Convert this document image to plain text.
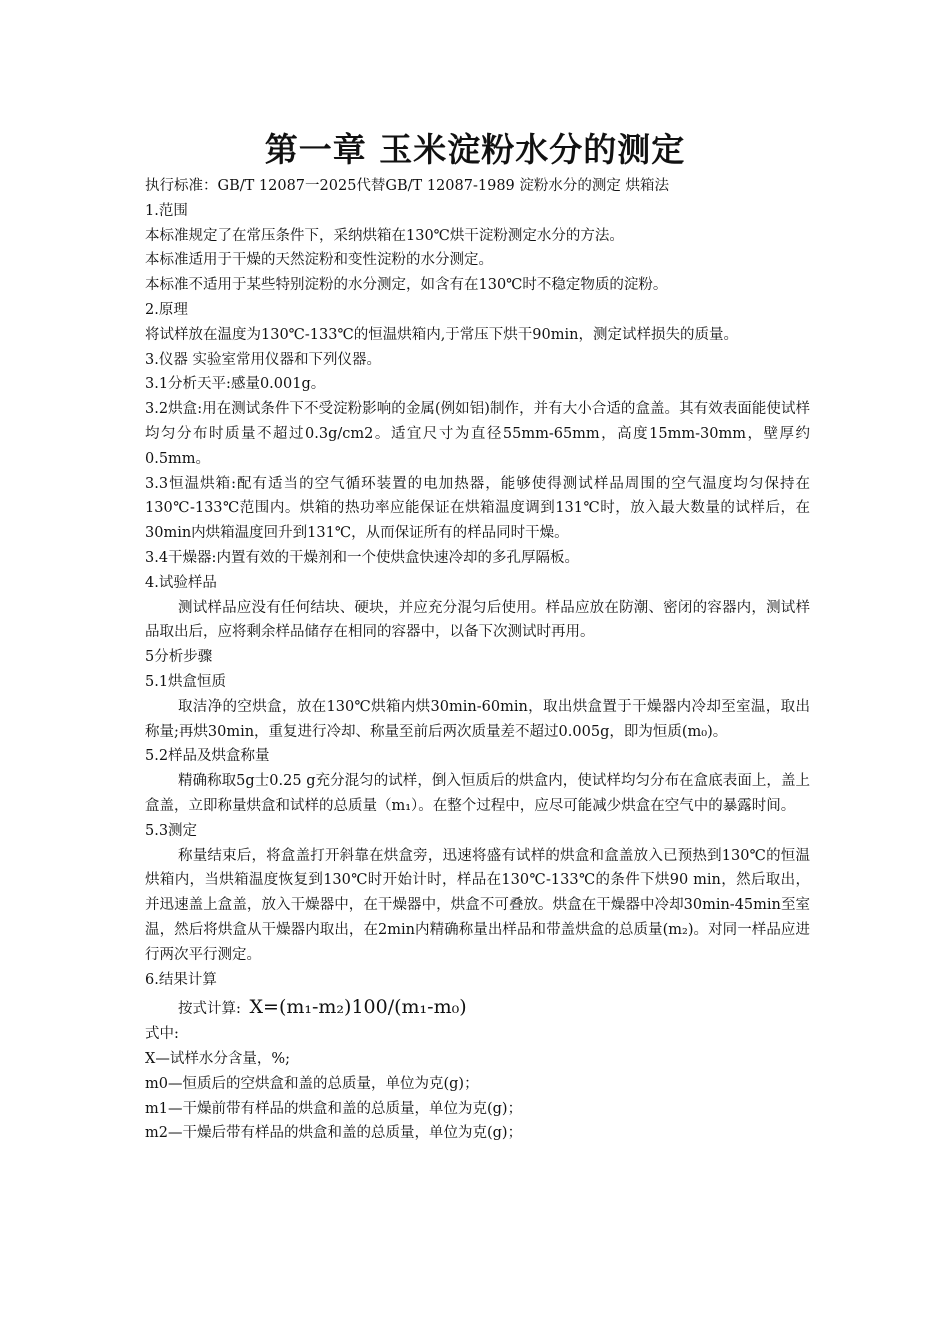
第一章 玉米淀粉水分的测定
执行标准：GB/T 12087一2025代替GB/T 12087-1989 淀粉水分的测定 烘箱法
1.范围
本标准规定了在常压条件下，采纳烘箱在130℃烘干淀粉测定水分的方法。
本标准适用于干燥的天然淀粉和变性淀粉的水分测定。
本标准不适用于某些特别淀粉的水分测定，如含有在130℃时不稳定物质的淀粉。
2.原理
将试样放在温度为130℃-133℃的恒温烘箱内,于常压下烘干90min，测定试样损失的质量。
3.仪器 实验室常用仪器和下列仪器。
3.1分析天平:感量0.001g。
3.2烘盒:用在测试条件下不受淀粉影响的金属(例如铝)制作，并有大小合适的盒盖。其有效表面能使试样均匀分布时质量不超过0.3g/cm2。适宜尺寸为直径55mm-65mm，高度15mm-30mm，壁厚约0.5mm。
3.3恒温烘箱:配有适当的空气循环装置的电加热器，能够使得测试样品周围的空气温度均匀保持在130℃-133℃范围内。烘箱的热功率应能保证在烘箱温度调到131℃时，放入最大数量的试样后，在30min内烘箱温度回升到131℃，从而保证所有的样品同时干燥。
3.4干燥器:内置有效的干燥剂和一个使烘盒快速冷却的多孔厚隔板。
4.试验样品
测试样品应没有任何结块、硬块，并应充分混匀后使用。样品应放在防潮、密闭的容器内，测试样品取出后，应将剩余样品储存在相同的容器中，以备下次测试时再用。
5分析步骤
5.1烘盒恒质
取洁净的空烘盒，放在130℃烘箱内烘30min-60min，取出烘盒置于干燥器内冷却至室温，取出称量;再烘30min，重复进行冷却、称量至前后两次质量差不超过0.005g，即为恒质(m₀)。
5.2样品及烘盒称量
精确称取5g士0.25 g充分混匀的试样，倒入恒质后的烘盒内，使试样均匀分布在盒底表面上，盖上盒盖，立即称量烘盒和试样的总质量（m₁）。在整个过程中，应尽可能减少烘盒在空气中的暴露时间。
5.3测定
称量结束后，将盒盖打开斜靠在烘盒旁，迅速将盛有试样的烘盒和盒盖放入已预热到130℃的恒温烘箱内，当烘箱温度恢复到130℃时开始计时，样品在130℃-133℃的条件下烘90 min，然后取出，并迅速盖上盒盖，放入干燥器中，在干燥器中，烘盒不可叠放。烘盒在干燥器中冷却30min-45min至室温，然后将烘盒从干燥器内取出，在2min内精确称量出样品和带盖烘盒的总质量(m₂)。对同一样品应进行两次平行测定。
6.结果计算
按式计算: X=(m₁-m₂)100/(m₁-m₀)
式中:
X—试样水分含量，%;
m0—恒质后的空烘盒和盖的总质量，单位为克(g)；
m1—干燥前带有样品的烘盒和盖的总质量，单位为克(g)；
m2—干燥后带有样品的烘盒和盖的总质量，单位为克(g)；
